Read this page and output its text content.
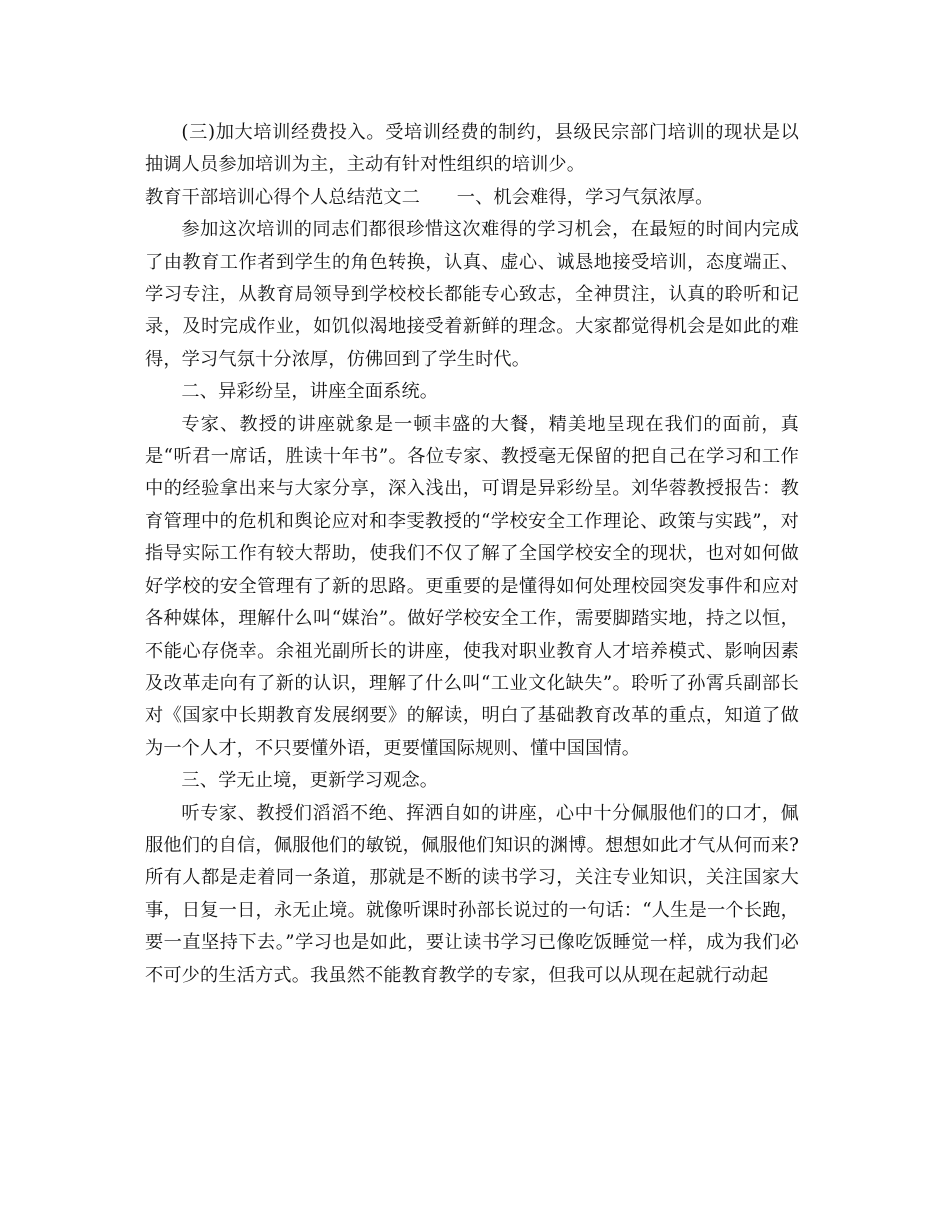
(三)加大培训经费投入。受培训经费的制约，县级民宗部门培训的现状是以抽调人员参加培训为主，主动有针对性组织的培训少。

教育干部培训心得个人总结范文二　　一、机会难得，学习气氛浓厚。

参加这次培训的同志们都很珍惜这次难得的学习机会，在最短的时间内完成了由教育工作者到学生的角色转换，认真、虚心、诚恳地接受培训，态度端正、学习专注，从教育局领导到学校校长都能专心致志，全神贯注，认真的聆听和记录，及时完成作业，如饥似渴地接受着新鲜的理念。大家都觉得机会是如此的难得，学习气氛十分浓厚，仿佛回到了学生时代。

二、异彩纷呈，讲座全面系统。

专家、教授的讲座就象是一顿丰盛的大餐，精美地呈现在我们的面前，真是“听君一席话，胜读十年书”。各位专家、教授毫无保留的把自己在学习和工作中的经验拿出来与大家分享，深入浅出，可谓是异彩纷呈。刘华蓉教授报告：教育管理中的危机和舆论应对和李雯教授的“学校安全工作理论、政策与实践”，对指导实际工作有较大帮助，使我们不仅了解了全国学校安全的现状，也对如何做好学校的安全管理有了新的思路。更重要的是懂得如何处理校园突发事件和应对各种媒体，理解什么叫“媒治”。做好学校安全工作，需要脚踏实地，持之以恒，不能心存侥幸。余祖光副所长的讲座，使我对职业教育人才培养模式、影响因素及改革走向有了新的认识，理解了什么叫“工业文化缺失”。聆听了孙霄兵副部长对《国家中长期教育发展纲要》的解读，明白了基础教育改革的重点，知道了做为一个人才，不只要懂外语，更要懂国际规则、懂中国国情。

三、学无止境，更新学习观念。

听专家、教授们滔滔不绝、挥洒自如的讲座，心中十分佩服他们的口才，佩服他们的自信，佩服他们的敏锐，佩服他们知识的渊博。想想如此才气从何而来?所有人都是走着同一条道，那就是不断的读书学习，关注专业知识，关注国家大事，日复一日，永无止境。就像听课时孙部长说过的一句话：“人生是一个长跑，要一直坚持下去。”学习也是如此，要让读书学习已像吃饭睡觉一样，成为我们必不可少的生活方式。我虽然不能教育教学的专家，但我可以从现在起就行动起
